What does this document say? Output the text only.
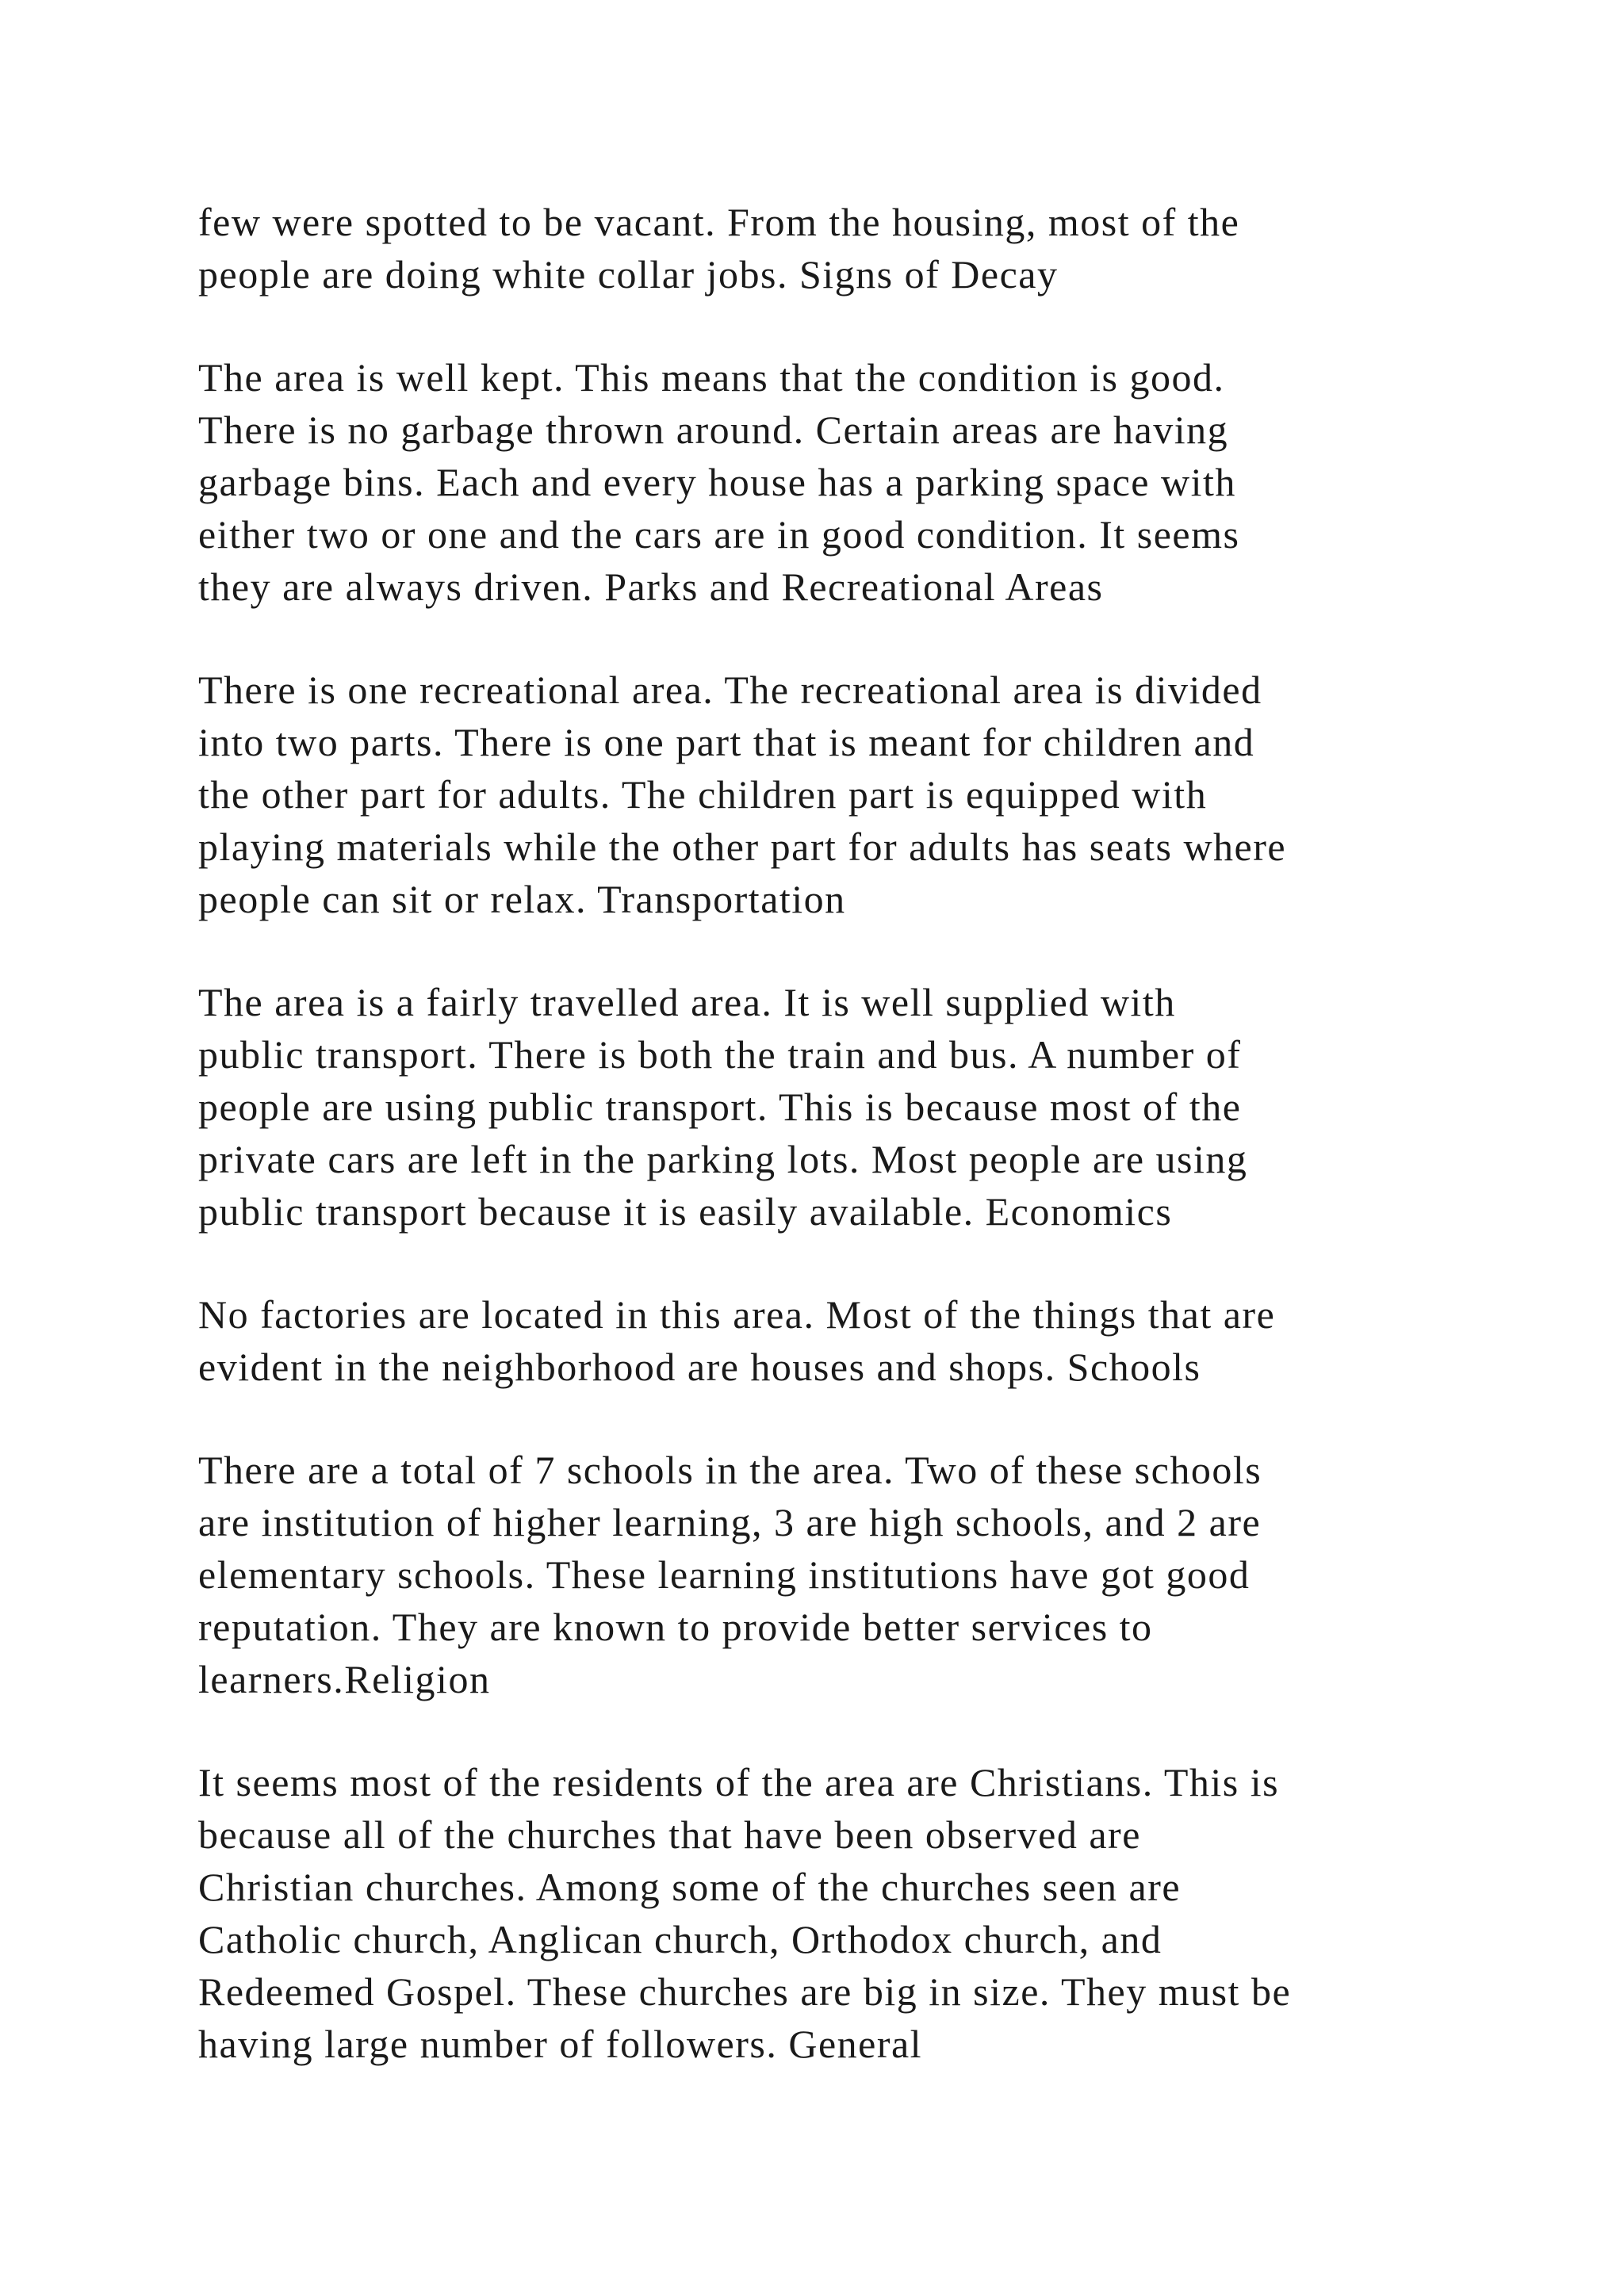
few were spotted to be vacant. From the housing, most of the
people are doing white collar jobs. Signs of Decay

The area is well kept. This means that the condition is good.
There is no garbage thrown around. Certain areas are having
garbage bins. Each and every house has a parking space with
either two or one and the cars are in good condition. It seems
they are always driven. Parks and Recreational Areas

There is one recreational area. The recreational area is divided
into two parts. There is one part that is meant for children and
the other part for adults. The children part is equipped with
playing materials while the other part for adults has seats where
people can sit or relax. Transportation

The area is a fairly travelled area. It is well supplied with
public transport. There is both the train and bus. A number of
people are using public transport. This is because most of the
private cars are left in the parking lots. Most people are using
public transport because it is easily available. Economics

No factories are located in this area. Most of the things that are
evident in the neighborhood are houses and shops. Schools

There are a total of 7 schools in the area. Two of these schools
are institution of higher learning, 3 are high schools, and 2 are
elementary schools. These learning institutions have got good
reputation. They are known to provide better services to
learners.Religion

It seems most of the residents of the area are Christians. This is
because all of the churches that have been observed are
Christian churches. Among some of the churches seen are
Catholic church, Anglican church, Orthodox church, and
Redeemed Gospel. These churches are big in size. They must be
having large number of followers. General
